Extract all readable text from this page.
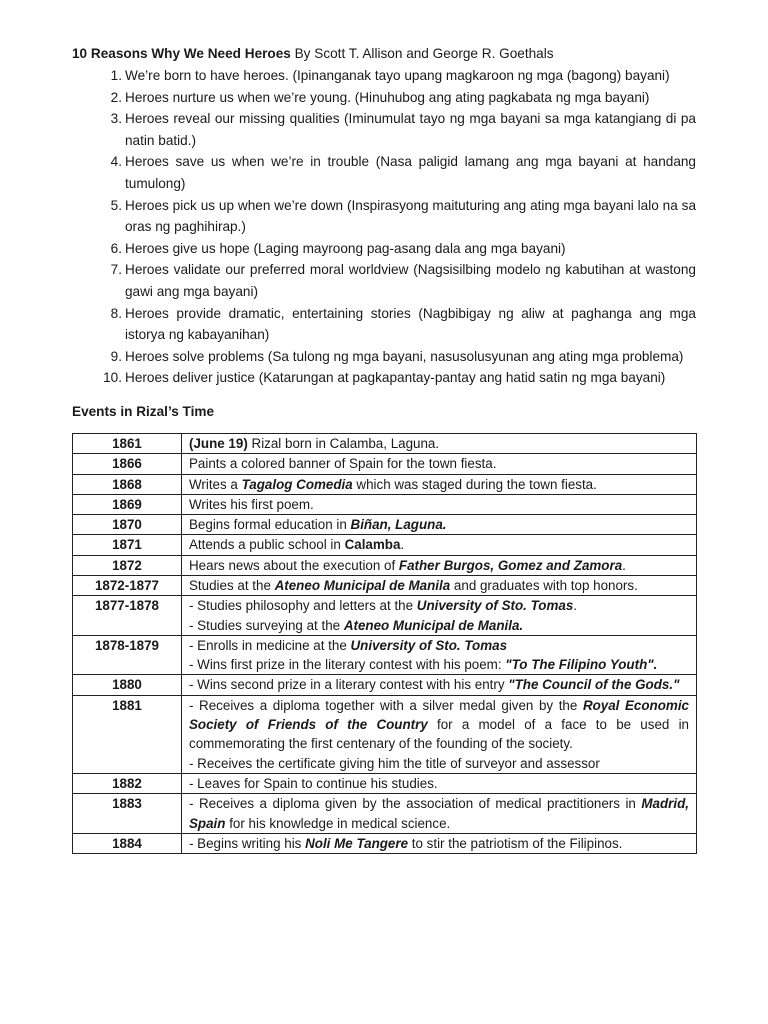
10 Reasons Why We Need Heroes By Scott T. Allison and George R. Goethals
1. We’re born to have heroes. (Ipinanganak tayo upang magkaroon ng mga (bagong) bayani)
2. Heroes nurture us when we’re young. (Hinuhubog ang ating pagkabata ng mga bayani)
3. Heroes reveal our missing qualities (Iminumulat tayo ng mga bayani sa mga katangiang di pa natin batid.)
4. Heroes save us when we’re in trouble (Nasa paligid lamang ang mga bayani at handang tumulong)
5. Heroes pick us up when we’re down (Inspirasyong maituturing ang ating mga bayani lalo na sa oras ng paghihirap.)
6. Heroes give us hope (Laging mayroong pag-asang dala ang mga bayani)
7. Heroes validate our preferred moral worldview (Nagsisilbing modelo ng kabutihan at wastong gawi ang mga bayani)
8. Heroes provide dramatic, entertaining stories (Nagbibigay ng aliw at paghanga ang mga istorya ng kabayanihan)
9. Heroes solve problems (Sa tulong ng mga bayani, nasusolusyunan ang ating mga problema)
10. Heroes deliver justice (Katarungan at pagkapantay-pantay ang hatid satin ng mga bayani)
Events in Rizal’s Time
1861	(June 19) Rizal born in Calamba, Laguna.

1866	Paints a colored banner of Spain for the town fiesta.

1868	Writes a Tagalog Comedia which was staged during the town fiesta.

1869	Writes his first poem.

1870	Begins formal education in Biñan, Laguna.

1871	Attends a public school in Calamba.

1872	Hears news about the execution of Father Burgos, Gomez and Zamora.

1872-1877	Studies at the Ateneo Municipal de Manila and graduates with top honors.

1877-1878	- Studies philosophy and letters at the University of Sto. Tomas.
- Studies surveying at the Ateneo Municipal de Manila.

1878-1879	- Enrolls in medicine at the University of Sto. Tomas
- Wins first prize in the literary contest with his poem: "To The Filipino Youth".

1880	- Wins second prize in a literary contest with his entry "The Council of the Gods."

1881	- Receives a diploma together with a silver medal given by the Royal Economic Society of Friends of the Country for a model of a face to be used in commemorating the first centenary of the founding of the society.
- Receives the certificate giving him the title of surveyor and assessor

1882	- Leaves for Spain to continue his studies.

1883	- Receives a diploma given by the association of medical practitioners in Madrid, Spain for his knowledge in medical science.

1884	- Begins writing his Noli Me Tangere to stir the patriotism of the Filipinos.
